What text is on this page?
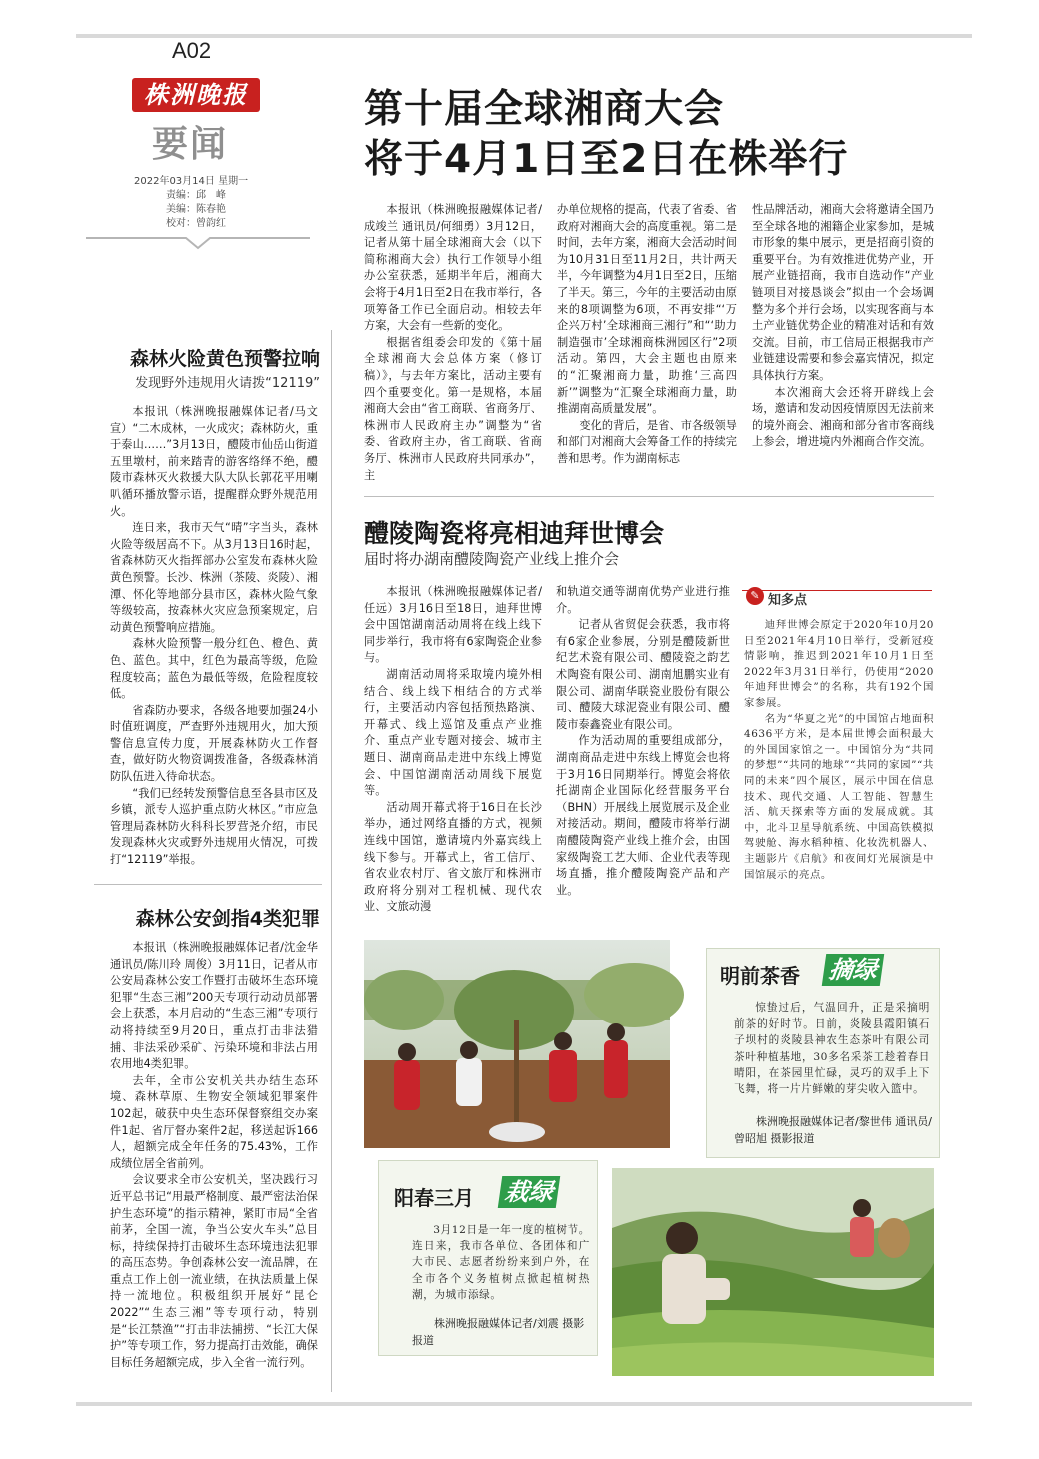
A02
株洲晚报
要闻
2022年03月14日 星期一
责编：邱　峰
美编：陈春艳
校对：曾韵红
第十届全球湘商大会
将于4月1日至2日在株举行

本报讯（株洲晚报融媒体记者/成竣兰 通讯员/何细勇）3月12日，记者从第十届全球湘商大会（以下简称湘商大会）执行工作领导小组办公室获悉，延期半年后，湘商大会将于4月1日至2日在我市举行，各项筹备工作已全面启动。相较去年方案，大会有一些新的变化。

根据省组委会印发的《第十届全球湘商大会总体方案（修订稿）》，与去年方案比，活动主要有四个重要变化。第一是规格，本届湘商大会由“省工商联、省商务厅、株洲市人民政府主办”调整为“省委、省政府主办，省工商联、省商务厅、株洲市人民政府共同承办”，主

办单位规格的提高，代表了省委、省政府对湘商大会的高度重视。第二是时间，去年方案，湘商大会活动时间为10月31日至11月2日，共计两天半，今年调整为4月1日至2日，压缩了半天。第三，今年的主要活动由原来的8项调整为6项，不再安排“‘万企兴万村’全球湘商三湘行”和“‘助力制造强市’全球湘商株洲园区行”2项活动。第四，大会主题也由原来的“汇聚湘商力量，助推‘三高四新’”调整为“汇聚全球湘商力量，助推湖南高质量发展”。

变化的背后，是省、市各级领导和部门对湘商大会筹备工作的持续完善和思考。作为湖南标志

性品牌活动，湘商大会将邀请全国乃至全球各地的湘籍企业家参加，是城市形象的集中展示，更是招商引资的重要平台。为有效推进优势产业，开展产业链招商，我市自选动作“产业链项目对接恳谈会”拟由一个会场调整为多个并行会场，以实现客商与本土产业链优势企业的精准对话和有效交流。目前，市工信局正根据我市产业链建设需要和参会嘉宾情况，拟定具体执行方案。

本次湘商大会还将开辟线上会场，邀请和发动因疫情原因无法前来的境外商会、湘商和部分省市客商线上参会，增进境内外湘商合作交流。

森林火险黄色预警拉响
发现野外违规用火请拨“12119”

本报讯（株洲晚报融媒体记者/马文宣）“二木成林，一火成灾；森林防火，重于泰山……”3月13日，醴陵市仙岳山街道五里墩村，前来踏青的游客络绎不绝，醴陵市森林灭火救援大队大队长郭花平用喇叭循环播放警示语，提醒群众野外规范用火。

连日来，我市天气“晴”字当头，森林火险等级居高不下。从3月13日16时起，省森林防灭火指挥部办公室发布森林火险黄色预警。长沙、株洲（茶陵、炎陵）、湘潭、怀化等地部分县市区，森林火险气象等级较高，按森林火灾应急预案规定，启动黄色预警响应措施。

森林火险预警一般分红色、橙色、黄色、蓝色。其中，红色为最高等级，危险程度较高；蓝色为最低等级，危险程度较低。

省森防办要求，各级各地要加强24小时值班调度，严查野外违规用火，加大预警信息宣传力度，开展森林防火工作督查，做好防火物资调拨准备，各级森林消防队伍进入待命状态。

“我们已经转发预警信息至各县市区及乡镇，派专人巡护重点防火林区。”市应急管理局森林防火科科长罗营尧介绍，市民发现森林火灾或野外违规用火情况，可拨打“12119”举报。

森林公安剑指4类犯罪

本报讯（株洲晚报融媒体记者/沈金华 通讯员/陈川玲 周俊）3月11日，记者从市公安局森林公安工作暨打击破坏生态环境犯罪“生态三湘”200天专项行动动员部署会上获悉，本月启动的“生态三湘”专项行动将持续至9月20日，重点打击非法猎捕、非法采砂采矿、污染环境和非法占用农用地4类犯罪。

去年，全市公安机关共办结生态环境、森林草原、生物安全领域犯罪案件102起，破获中央生态环保督察组交办案件1起、省厅督办案件2起，移送起诉166人，超额完成全年任务的75.43%，工作成绩位居全省前列。

会议要求全市公安机关，坚决践行习近平总书记“用最严格制度、最严密法治保护生态环境”的指示精神，紧盯市局“全省前茅，全国一流，争当公安火车头”总目标，持续保持打击破坏生态环境违法犯罪的高压态势。争创森林公安一流品牌，在重点工作上创一流业绩，在执法质量上保持一流地位。积极组织开展好“昆仑2022”“生态三湘”等专项行动，特别是“长江禁渔”“打击非法捕捞、“长江大保护”等专项工作，努力提高打击效能，确保目标任务超额完成，步入全省一流行列。

醴陵陶瓷将亮相迪拜世博会
届时将办湖南醴陵陶瓷产业线上推介会

本报讯（株洲晚报融媒体记者/任远）3月16日至18日，迪拜世博会中国馆湖南活动周将在线上线下同步举行，我市将有6家陶瓷企业参与。

湖南活动周将采取境内境外相结合、线上线下相结合的方式举行，主要活动内容包括预热路演、开幕式、线上巡馆及重点产业推介、重点产业专题对接会、城市主题日、湖南商品走进中东线上博览会、中国馆湖南活动周线下展览等。

活动周开幕式将于16日在长沙举办，通过网络直播的方式，视频连线中国馆，邀请境内外嘉宾线上线下参与。开幕式上，省工信厅、省农业农村厅、省文旅厅和株洲市政府将分别对工程机械、现代农业、文旅动漫

和轨道交通等湖南优势产业进行推介。

记者从省贸促会获悉，我市将有6家企业参展，分别是醴陵新世纪艺术瓷有限公司、醴陵瓷之韵艺术陶瓷有限公司、湖南旭鹏实业有限公司、湖南华联瓷业股份有限公司、醴陵大球泥瓷业有限公司、醴陵市泰鑫瓷业有限公司。

作为活动周的重要组成部分，湖南商品走进中东线上博览会也将于3月16日同期举行。博览会将依托湖南企业国际化经营服务平台（BHN）开展线上展览展示及企业对接活动。期间，醴陵市将举行湖南醴陵陶瓷产业线上推介会，由国家级陶瓷工艺大师、企业代表等现场直播，推介醴陵陶瓷产品和产业。

✎ 知多点

迪拜世博会原定于2020年10月20日至2021年4月10日举行，受新冠疫情影响，推迟到2021年10月1日至2022年3月31日举行，仍使用“2020年迪拜世博会”的名称，共有192个国家参展。

名为“华夏之光”的中国馆占地面积4636平方米，是本届世博会面积最大的外国国家馆之一。中国馆分为“共同的梦想”“共同的地球”“共同的家园”“共同的未来”四个展区，展示中国在信息技术、现代交通、人工智能、智慧生活、航天探索等方面的发展成就。其中，北斗卫星导航系统、中国高铁模拟驾驶舱、海水稻种植、化妆洗机器人、主题影片《启航》和夜间灯光展演是中国馆展示的亮点。

明前茶香 摘绿

惊蛰过后，气温回升，正是采摘明前茶的好时节。日前，炎陵县霞阳镇石子坝村的炎陵县神农生态茶叶有限公司茶叶种植基地，30多名采茶工趁着春日晴阳，在茶园里忙碌，灵巧的双手上下飞舞，将一片片鲜嫩的芽尖收入篮中。

株洲晚报融媒体记者/黎世伟 通讯员/曾昭旭 摄影报道

阳春三月 栽绿

3月12日是一年一度的植树节。连日来，我市各单位、各团体和广大市民、志愿者纷纷来到户外，在全市各个义务植树点掀起植树热潮，为城市添绿。

株洲晚报融媒体记者/刘震 摄影报道
